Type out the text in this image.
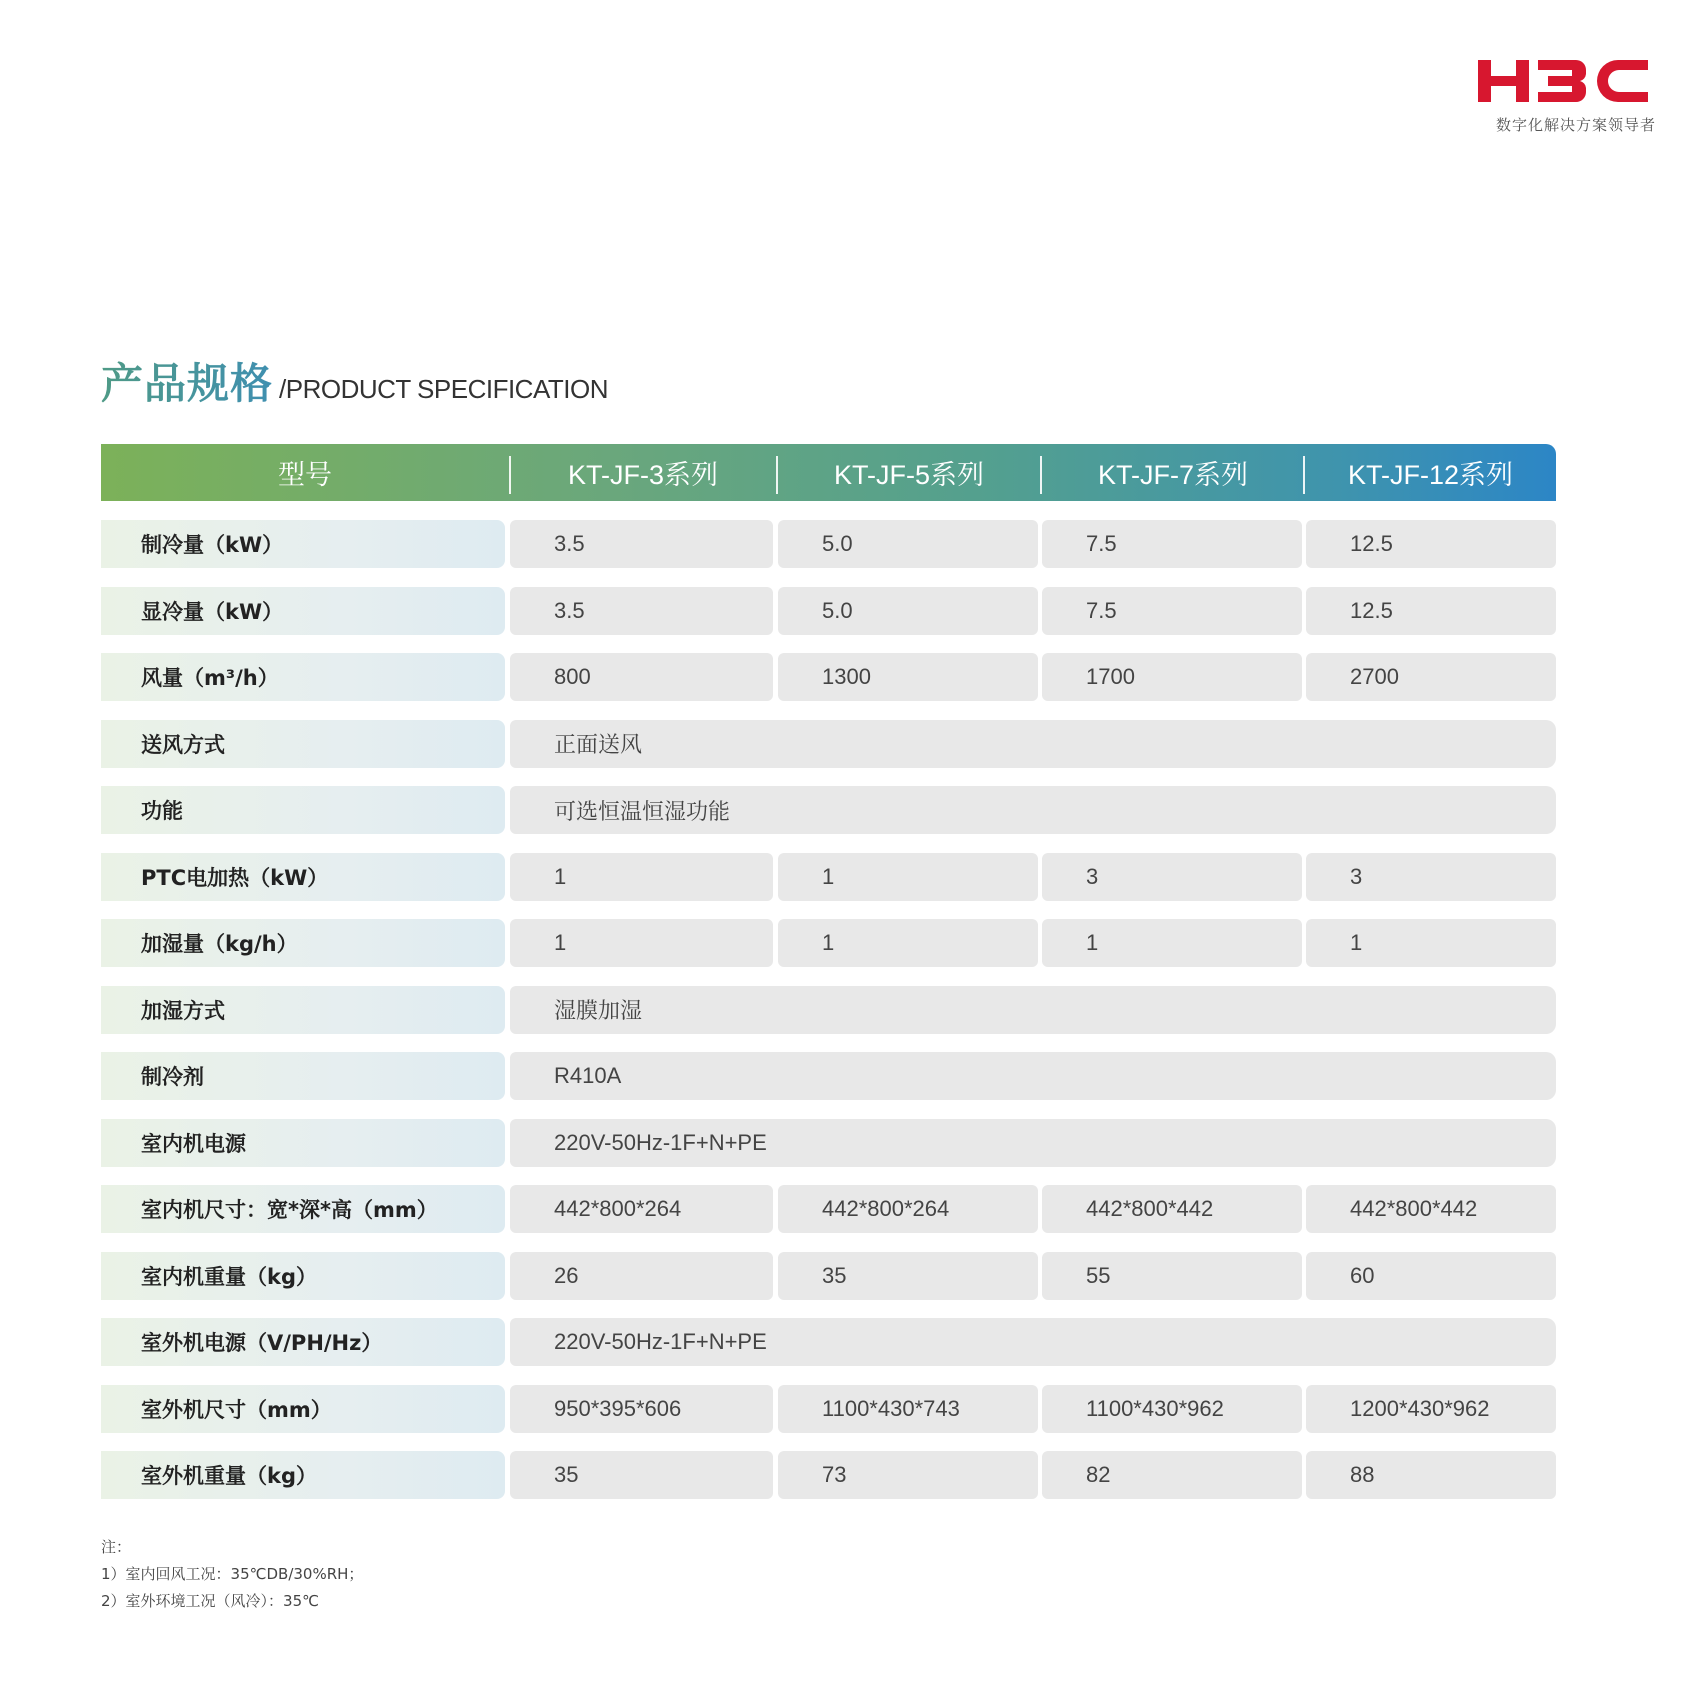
数字化解决方案领导者
产品规格 /PRODUCT SPECIFICATION
型号	KT-JF-3系列	KT-JF-5系列	KT-JF-7系列	KT-JF-12系列
制冷量（kW）	3.5	5.0	7.5	12.5
显冷量（kW）	3.5	5.0	7.5	12.5
风量（m³/h）	800	1300	1700	2700
送风方式	正面送风
功能	可选恒温恒湿功能
PTC电加热（kW）	1	1	3	3
加湿量（kg/h）	1	1	1	1
加湿方式	湿膜加湿
制冷剂	R410A
室内机电源	220V-50Hz-1F+N+PE
室内机尺寸：宽*深*高（mm）	442*800*264	442*800*264	442*800*442	442*800*442
室内机重量（kg）	26	35	55	60
室外机电源（V/PH/Hz）	220V-50Hz-1F+N+PE
室外机尺寸（mm）	950*395*606	1100*430*743	1100*430*962	1200*430*962
室外机重量（kg）	35	73	82	88
注：
1）室内回风工况：35℃DB/30%RH；
2）室外环境工况（风冷）：35℃
